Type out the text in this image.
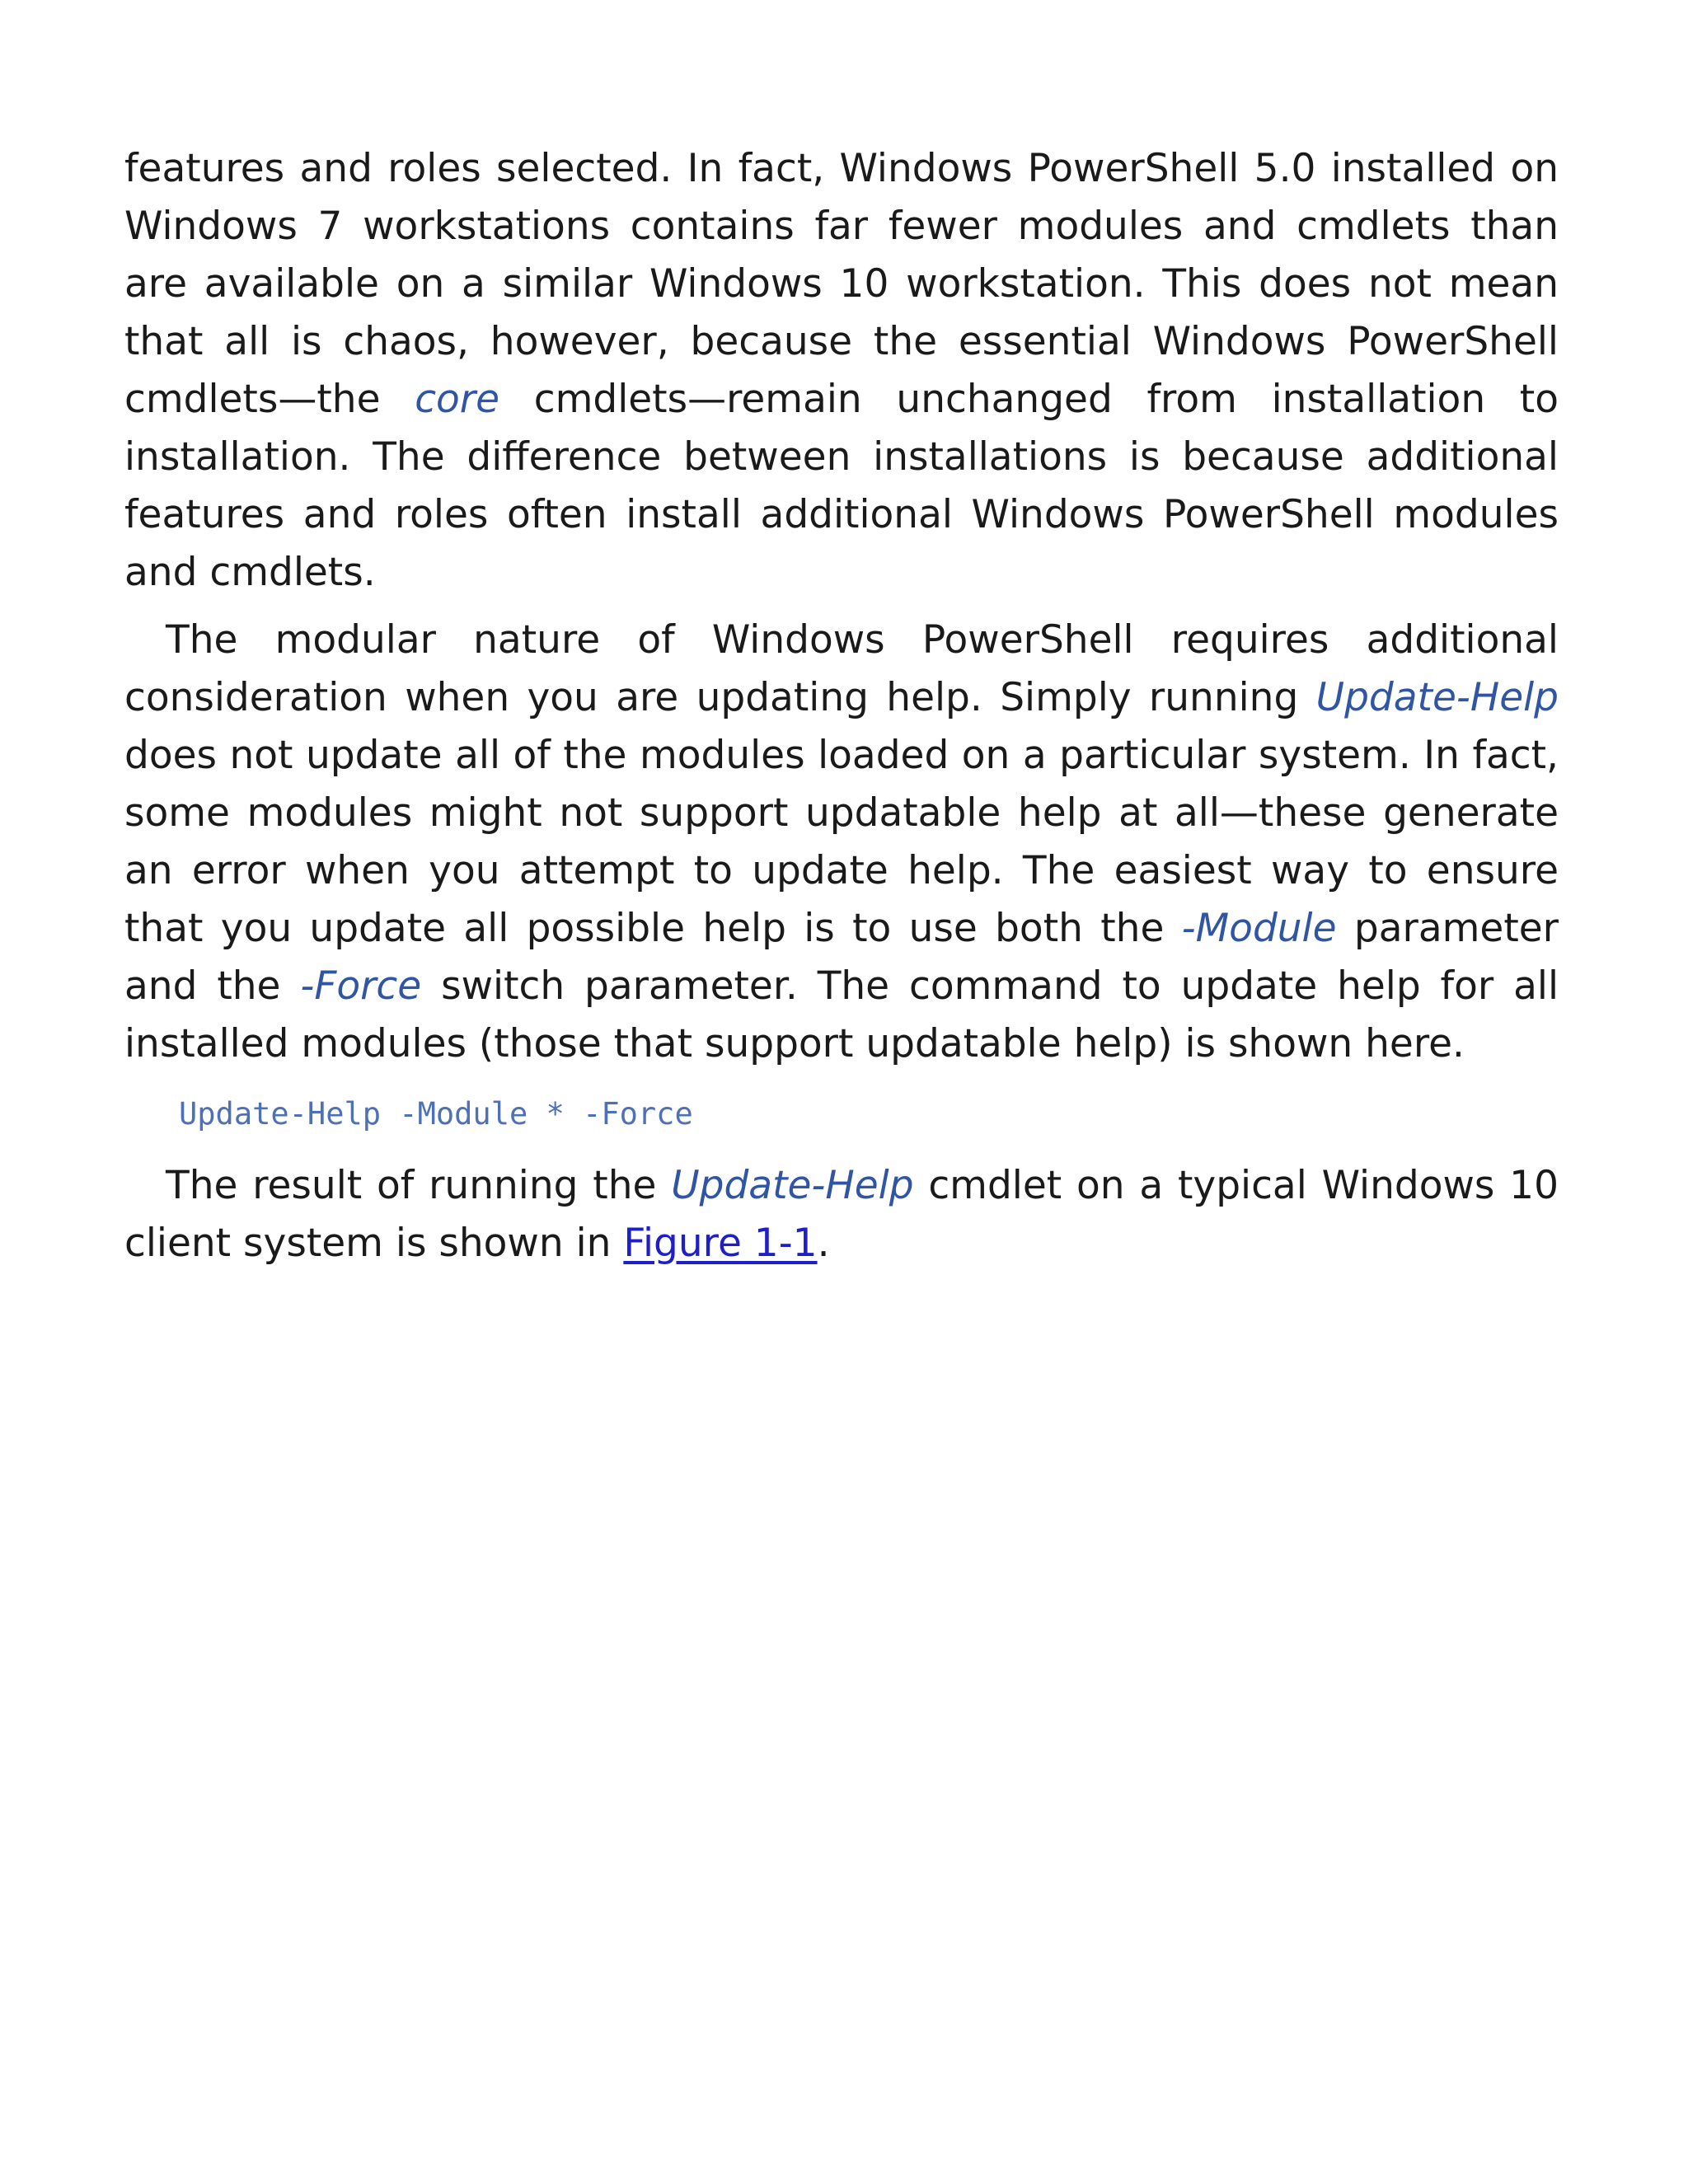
features and roles selected. In fact, Windows PowerShell 5.0 installed on Windows 7 workstations contains far fewer modules and cmdlets than are available on a similar Windows 10 workstation. This does not mean that all is chaos, however, because the essential Windows PowerShell cmdlets—the core cmdlets—remain unchanged from installation to installation. The difference between installations is because additional features and roles often install additional Windows PowerShell modules and cmdlets.

The modular nature of Windows PowerShell requires additional consideration when you are updating help. Simply running Update-Help does not update all of the modules loaded on a particular system. In fact, some modules might not support updatable help at all—these generate an error when you attempt to update help. The easiest way to ensure that you update all possible help is to use both the -Module parameter and the -Force switch parameter. The command to update help for all installed modules (those that support updatable help) is shown here.

Update-Help -Module * -Force

The result of running the Update-Help cmdlet on a typical Windows 10 client system is shown in Figure 1-1.
